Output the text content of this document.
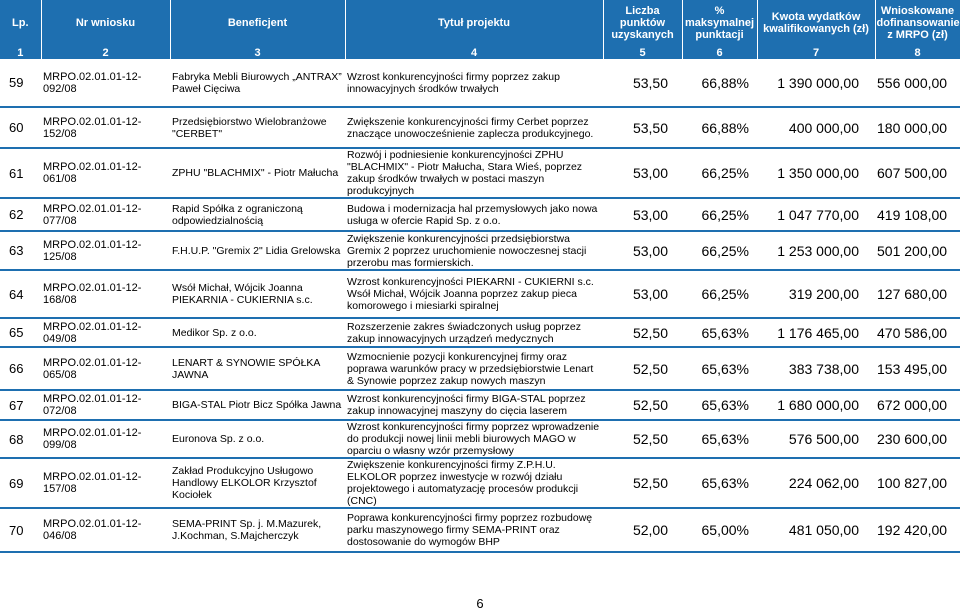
Lp.	Nr wniosku	Beneficjent	Tytuł projektu	Liczba punktów uzyskanych	% maksymalnej punktacji	Kwota wydatków kwalifikowanych (zł)	Wnioskowane dofinansowanie z MRPO (zł)
1	2	3	4	5	6	7	8
59	MRPO.02.01.01-12-092/08	Fabryka Mebli Biurowych „ANTRAX” Paweł Cięciwa	Wzrost konkurencyjności firmy poprzez zakup innowacyjnych środków trwałych	53,50	66,88%	1 390 000,00	556 000,00
60	MRPO.02.01.01-12-152/08	Przedsiębiorstwo Wielobranżowe "CERBET"	Zwiększenie konkurencyjności firmy Cerbet poprzez znaczące unowocześnienie zaplecza produkcyjnego.	53,50	66,88%	400 000,00	180 000,00
61	MRPO.02.01.01-12-061/08	ZPHU "BLACHMIX" - Piotr Małucha	Rozwój i podniesienie konkurencyjności ZPHU "BLACHMIX" - Piotr Małucha, Stara Wieś, poprzez zakup środków trwałych w postaci maszyn produkcyjnych	53,00	66,25%	1 350 000,00	607 500,00
62	MRPO.02.01.01-12-077/08	Rapid Spółka z ograniczoną odpowiedzialnością	Budowa i modernizacja hal przemysłowych jako nowa usługa w ofercie Rapid Sp. z o.o.	53,00	66,25%	1 047 770,00	419 108,00
63	MRPO.02.01.01-12-125/08	F.H.U.P. "Gremix 2" Lidia Grelowska	Zwiększenie konkurencyjności przedsiębiorstwa Gremix 2 poprzez uruchomienie nowoczesnej stacji przerobu mas formierskich.	53,00	66,25%	1 253 000,00	501 200,00
64	MRPO.02.01.01-12-168/08	Wsół Michał, Wójcik Joanna PIEKARNIA - CUKIERNIA s.c.	Wzrost konkurencyjności PIEKARNI - CUKIERNI s.c. Wsół Michał, Wójcik Joanna poprzez zakup pieca komorowego i miesiarki spiralnej	53,00	66,25%	319 200,00	127 680,00
65	MRPO.02.01.01-12-049/08	Medikor Sp. z o.o.	Rozszerzenie zakres świadczonych usług poprzez zakup innowacyjnych urządzeń medycznych	52,50	65,63%	1 176 465,00	470 586,00
66	MRPO.02.01.01-12-065/08	LENART & SYNOWIE SPÓŁKA JAWNA	Wzmocnienie pozycji konkurencyjnej firmy oraz poprawa warunków pracy w przedsiębiorstwie Lenart & Synowie poprzez zakup nowych maszyn	52,50	65,63%	383 738,00	153 495,00
67	MRPO.02.01.01-12-072/08	BIGA-STAL Piotr Bicz Spółka Jawna	Wzrost konkurencyjności firmy BIGA-STAL poprzez zakup innowacyjnej maszyny do cięcia laserem	52,50	65,63%	1 680 000,00	672 000,00
68	MRPO.02.01.01-12-099/08	Euronova Sp. z o.o.	Wzrost konkurencyjności firmy poprzez wprowadzenie do produkcji nowej linii mebli biurowych MAGO w oparciu o własny wzór przemysłowy	52,50	65,63%	576 500,00	230 600,00
69	MRPO.02.01.01-12-157/08	Zakład Produkcyjno Usługowo Handlowy ELKOLOR Krzysztof Kociołek	Zwiększenie konkurencyjności firmy Z.P.H.U. ELKOLOR poprzez inwestycje w rozwój działu projektowego i automatyzację procesów produkcji (CNC)	52,50	65,63%	224 062,00	100 827,00
70	MRPO.02.01.01-12-046/08	SEMA-PRINT Sp. j. M.Mazurek, J.Kochman, S.Majcherczyk	Poprawa konkurencyjności firmy poprzez rozbudowę parku maszynowego firmy SEMA-PRINT oraz dostosowanie do wymogów BHP	52,00	65,00%	481 050,00	192 420,00
6
